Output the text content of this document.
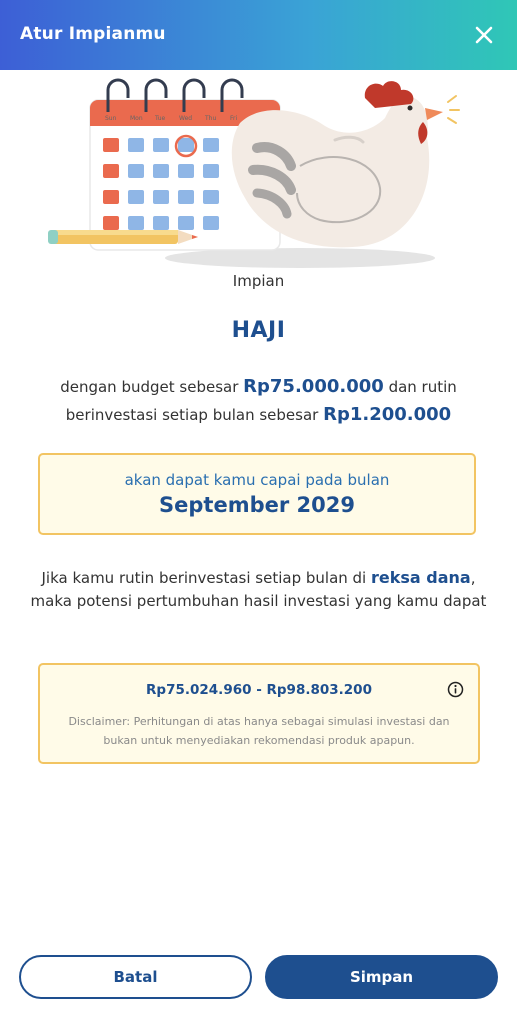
Atur Impianmu
Sun Mon Tue Wed Thu Fri
Impian
HAJI
dengan budget sebesar Rp75.000.000 dan rutin berinvestasi setiap bulan sebesar Rp1.200.000
akan dapat kamu capai pada bulan
September 2029
Jika kamu rutin berinvestasi setiap bulan di reksa dana, maka potensi pertumbuhan hasil investasi yang kamu dapat
Rp75.024.960 - Rp98.803.200
Disclaimer: Perhitungan di atas hanya sebagai simulasi investasi dan bukan untuk menyediakan rekomendasi produk apapun.
Batal	Simpan
